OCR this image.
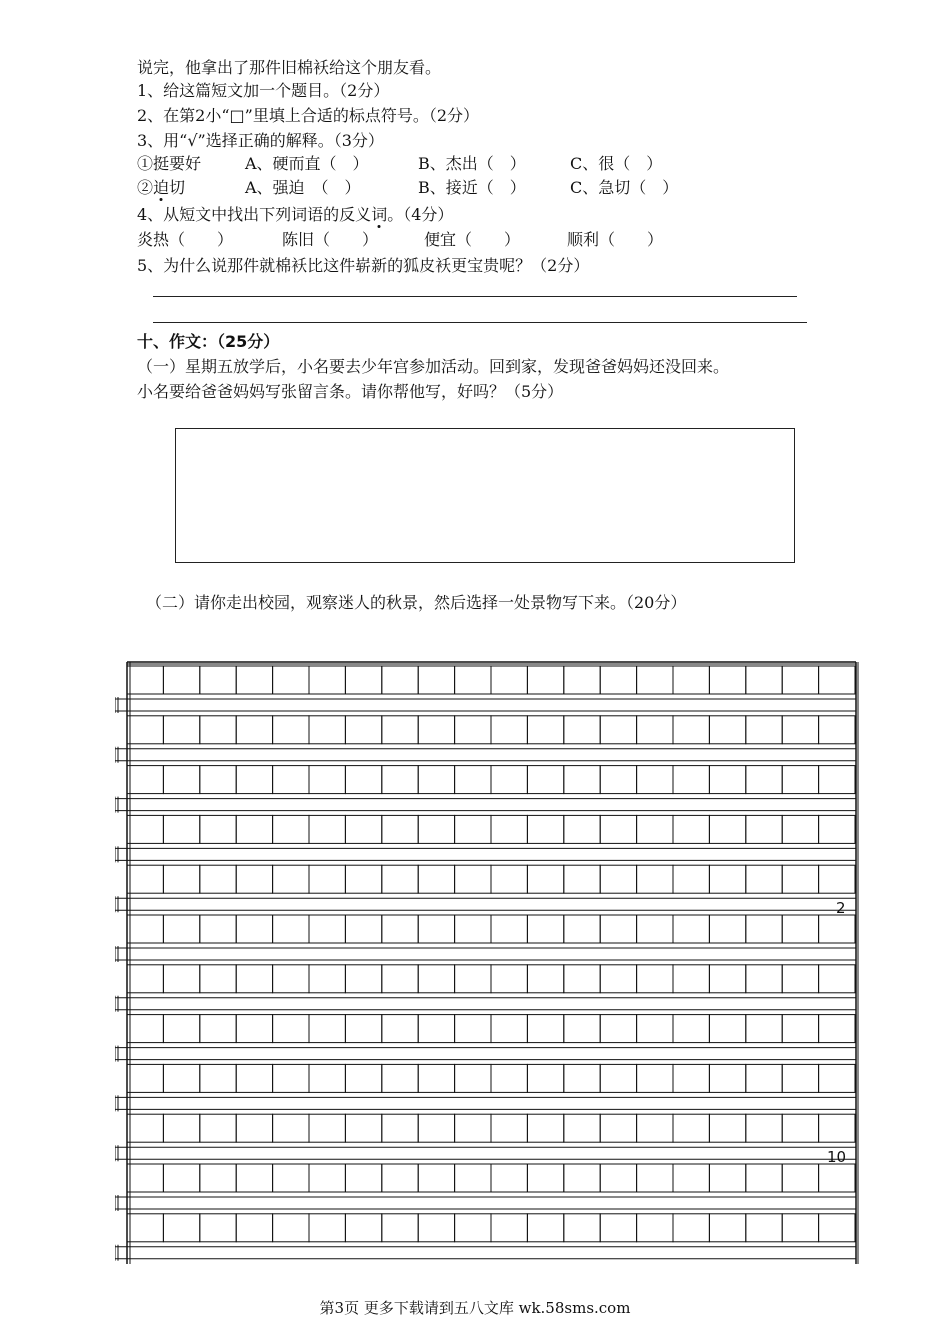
说完，他拿出了那件旧棉袄给这个朋友看。
1、给这篇短文加一个题目。（2分）
2、在第2小“□”里填上合适的标点符号。（2分）
3、用“√”选择正确的解释。（3分）
①挺要好	A、硬而直（　）	B、杰出（　）	C、很（　）
②迫切	A、强迫　（　）	B、接近（　）	C、急切（　）
4、从短文中找出下列词语的反义词。（4分）
炎热（　　）	陈旧（　　）	便宜（　　）	顺利（　　）
5、为什么说那件就棉袄比这件崭新的狐皮袄更宝贵呢？（2分）
十、作文：（25分）
（一）星期五放学后，小名要去少年宫参加活动。回到家，发现爸爸妈妈还没回来。
小名要给爸爸妈妈写张留言条。请你帮他写，好吗？（5分）
（二）请你走出校园，观察迷人的秋景，然后选择一处景物写下来。（20分）
2
10
第3页 更多下载请到五八文库 wk.58sms.com
